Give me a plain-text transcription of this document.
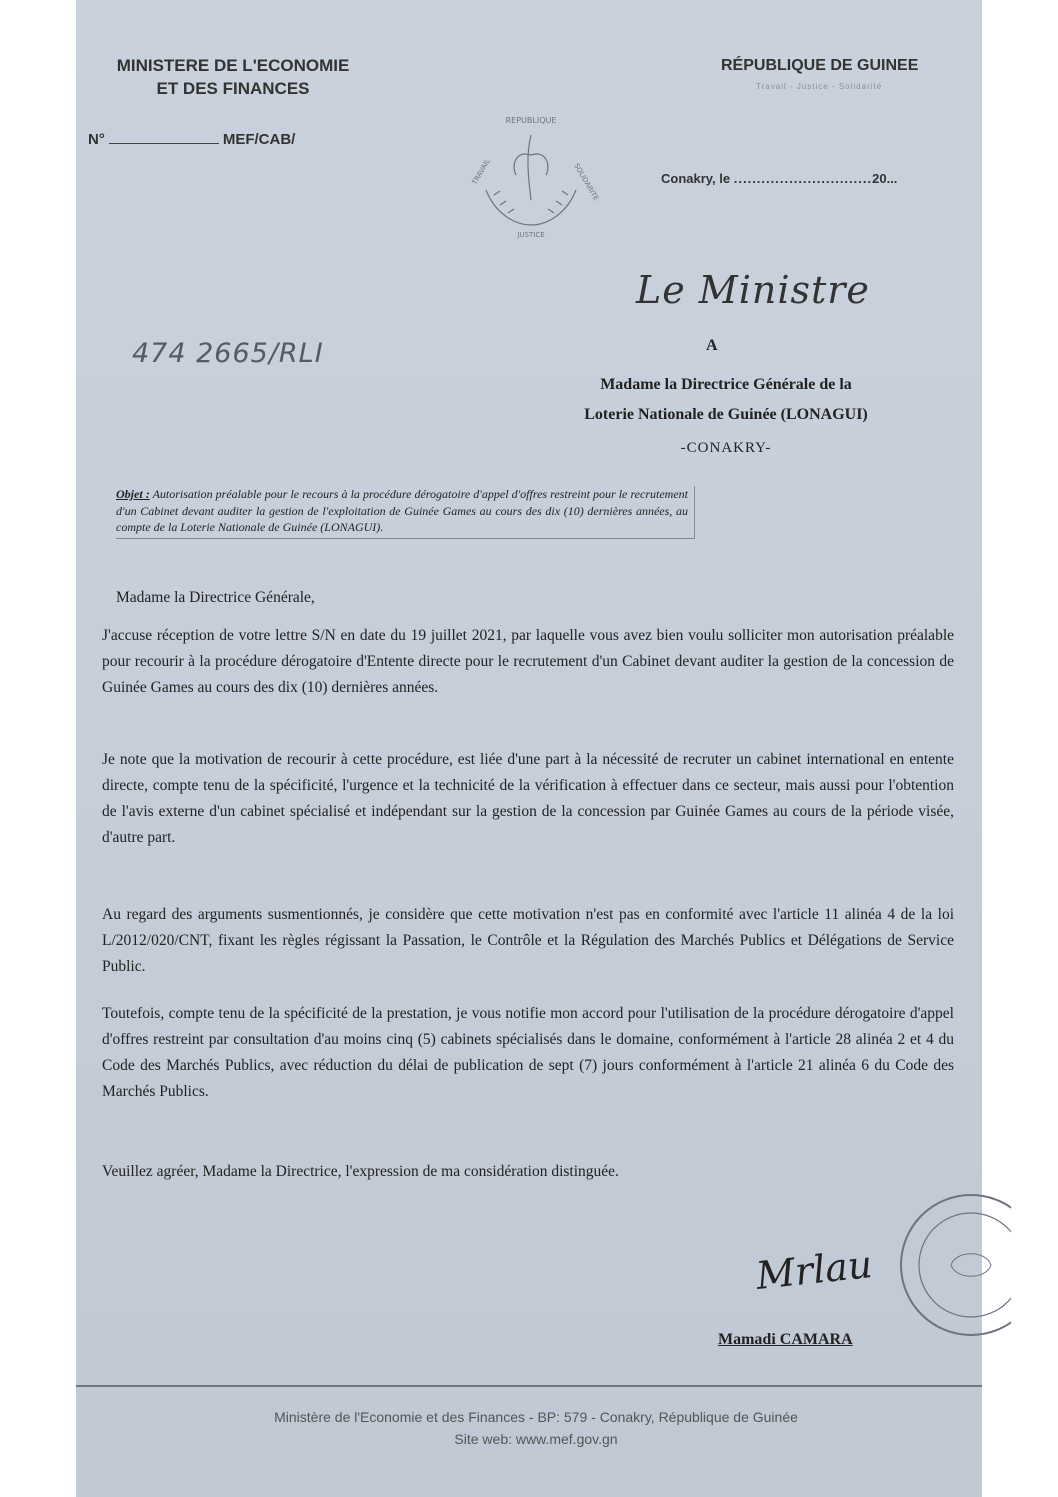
MINISTERE DE L'ECONOMIE
ET DES FINANCES
RÉPUBLIQUE DE GUINEE
Travail - Justice - Solidarité
N°	MEF/CAB/
REPUBLIQUE
TRAVAIL	SOLIDARITE
JUSTICE
Conakry, le ..............................20...
Le Ministre
474 2665/RLI	A
Madame la Directrice Générale de la
Loterie Nationale de Guinée (LONAGUI)
-CONAKRY-
Objet : Autorisation préalable pour le recours à la procédure dérogatoire d'appel d'offres restreint pour le recrutement d'un Cabinet devant auditer la gestion de l'exploitation de Guinée Games au cours des dix (10) dernières années, au compte de la Loterie Nationale de Guinée (LONAGUI).
Madame la Directrice Générale,
J'accuse réception de votre lettre S/N en date du 19 juillet 2021, par laquelle vous avez bien voulu solliciter mon autorisation préalable pour recourir à la procédure dérogatoire d'Entente directe pour le recrutement d'un Cabinet devant auditer la gestion de la concession de Guinée Games au cours des dix (10) dernières années.
Je note que la motivation de recourir à cette procédure, est liée d'une part à la nécessité de recruter un cabinet international en entente directe, compte tenu de la spécificité, l'urgence et la technicité de la vérification à effectuer dans ce secteur, mais aussi pour l'obtention de l'avis externe d'un cabinet spécialisé et indépendant sur la gestion de la concession par Guinée Games au cours de la période visée, d'autre part.
Au regard des arguments susmentionnés, je considère que cette motivation n'est pas en conformité avec l'article 11 alinéa 4 de la loi L/2012/020/CNT, fixant les règles régissant la Passation, le Contrôle et la Régulation des Marchés Publics et Délégations de Service Public.
Toutefois, compte tenu de la spécificité de la prestation, je vous notifie mon accord pour l'utilisation de la procédure dérogatoire d'appel d'offres restreint par consultation d'au moins cinq (5) cabinets spécialisés dans le domaine, conformément à l'article 28 alinéa 2 et 4 du Code des Marchés Publics, avec réduction du délai de publication de sept (7) jours conformément à l'article 21 alinéa 6 du Code des Marchés Publics.
Veuillez agréer, Madame la Directrice, l'expression de ma considération distinguée.
Mrlau
Mamadi CAMARA
Ministère de l'Economie et des Finances - BP: 579 - Conakry, République de Guinée
Site web: www.mef.gov.gn
